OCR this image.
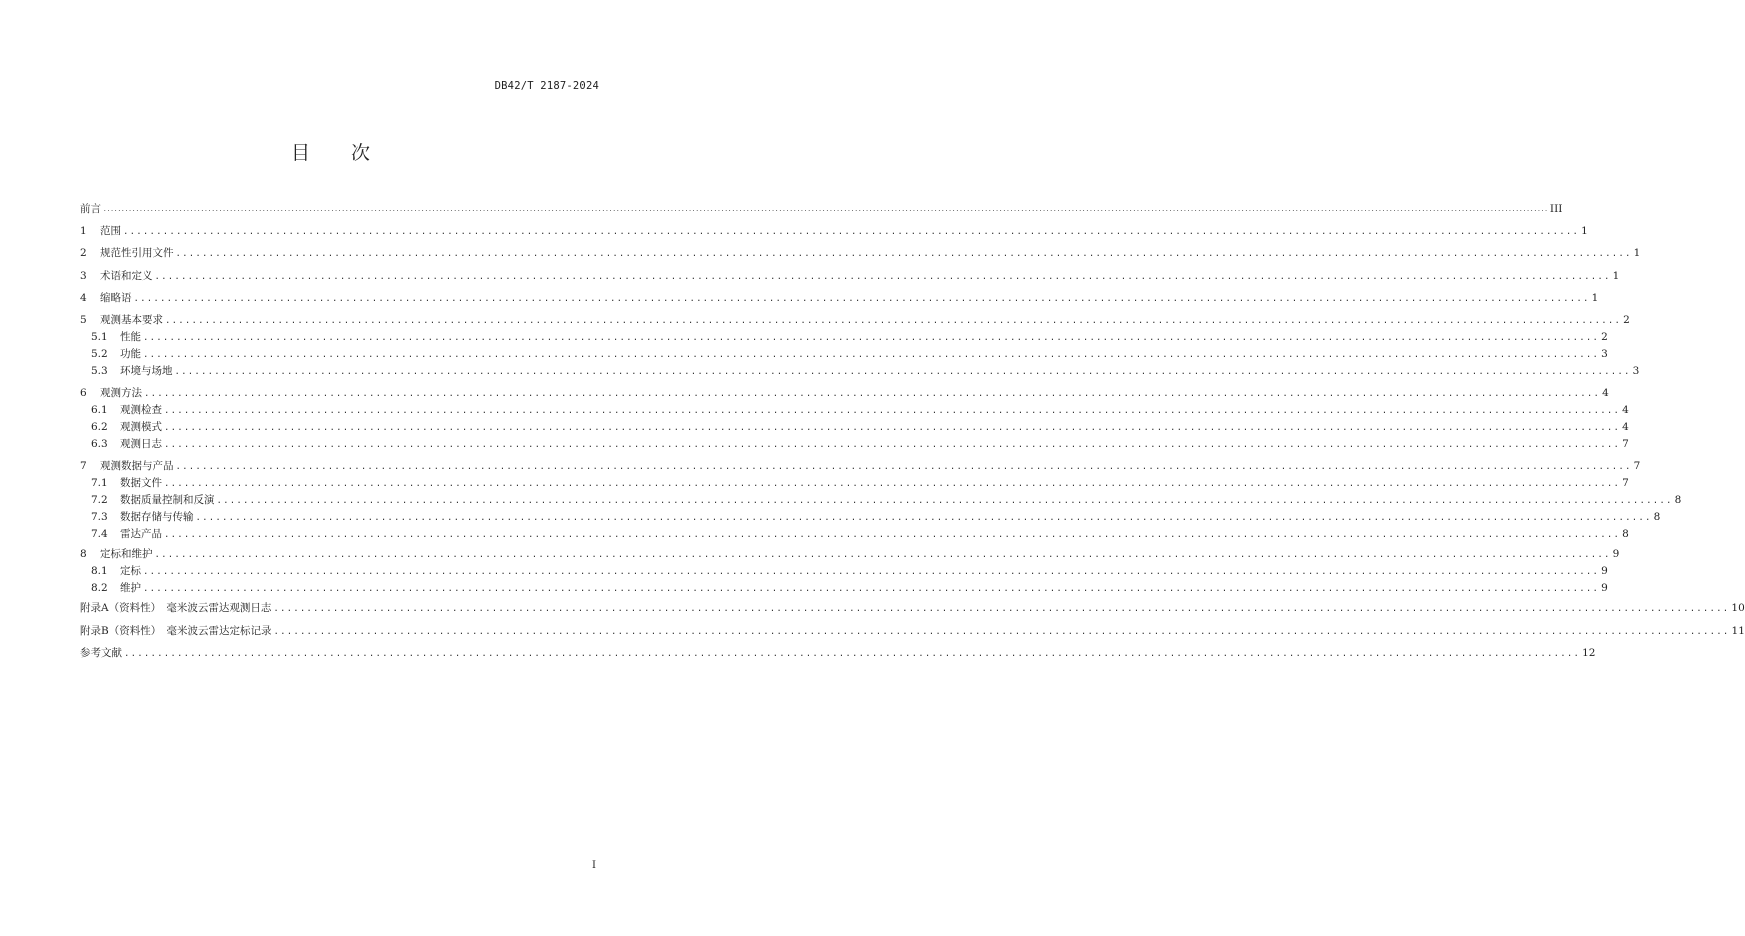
DB42/T 2187-2024
目　　次
前言 ................................................................................................................................................................................................................................................................................................................................................................................................................ III
1	范围 ............................................................................................................................................................................................................................ 1
2	规范性引用文件 ............................................................................................................................................................................................................................ 1
3	术语和定义 ............................................................................................................................................................................................................................ 1
4	缩略语 ............................................................................................................................................................................................................................ 1
5	观测基本要求 ............................................................................................................................................................................................................................ 2
5.1	性能 ............................................................................................................................................................................................................................ 2
5.2	功能 ............................................................................................................................................................................................................................ 3
5.3	环境与场地 ............................................................................................................................................................................................................................ 3
6	观测方法 ............................................................................................................................................................................................................................ 4
6.1	观测检查 ............................................................................................................................................................................................................................ 4
6.2	观测模式 ............................................................................................................................................................................................................................ 4
6.3	观测日志 ............................................................................................................................................................................................................................ 7
7	观测数据与产品 ............................................................................................................................................................................................................................ 7
7.1	数据文件 ............................................................................................................................................................................................................................ 7
7.2	数据质量控制和反演 ............................................................................................................................................................................................................................ 8
7.3	数据存储与传输 ............................................................................................................................................................................................................................ 8
7.4	雷达产品 ............................................................................................................................................................................................................................ 8
8	定标和维护 ............................................................................................................................................................................................................................ 9
8.1	定标 ............................................................................................................................................................................................................................ 9
8.2	维护 ............................................................................................................................................................................................................................ 9
附录A（资料性）　毫米波云雷达观测日志 ............................................................................................................................................................................................................................ 10
附录B（资料性）　毫米波云雷达定标记录 ............................................................................................................................................................................................................................ 11
参考文献 ............................................................................................................................................................................................................................ 12
I
